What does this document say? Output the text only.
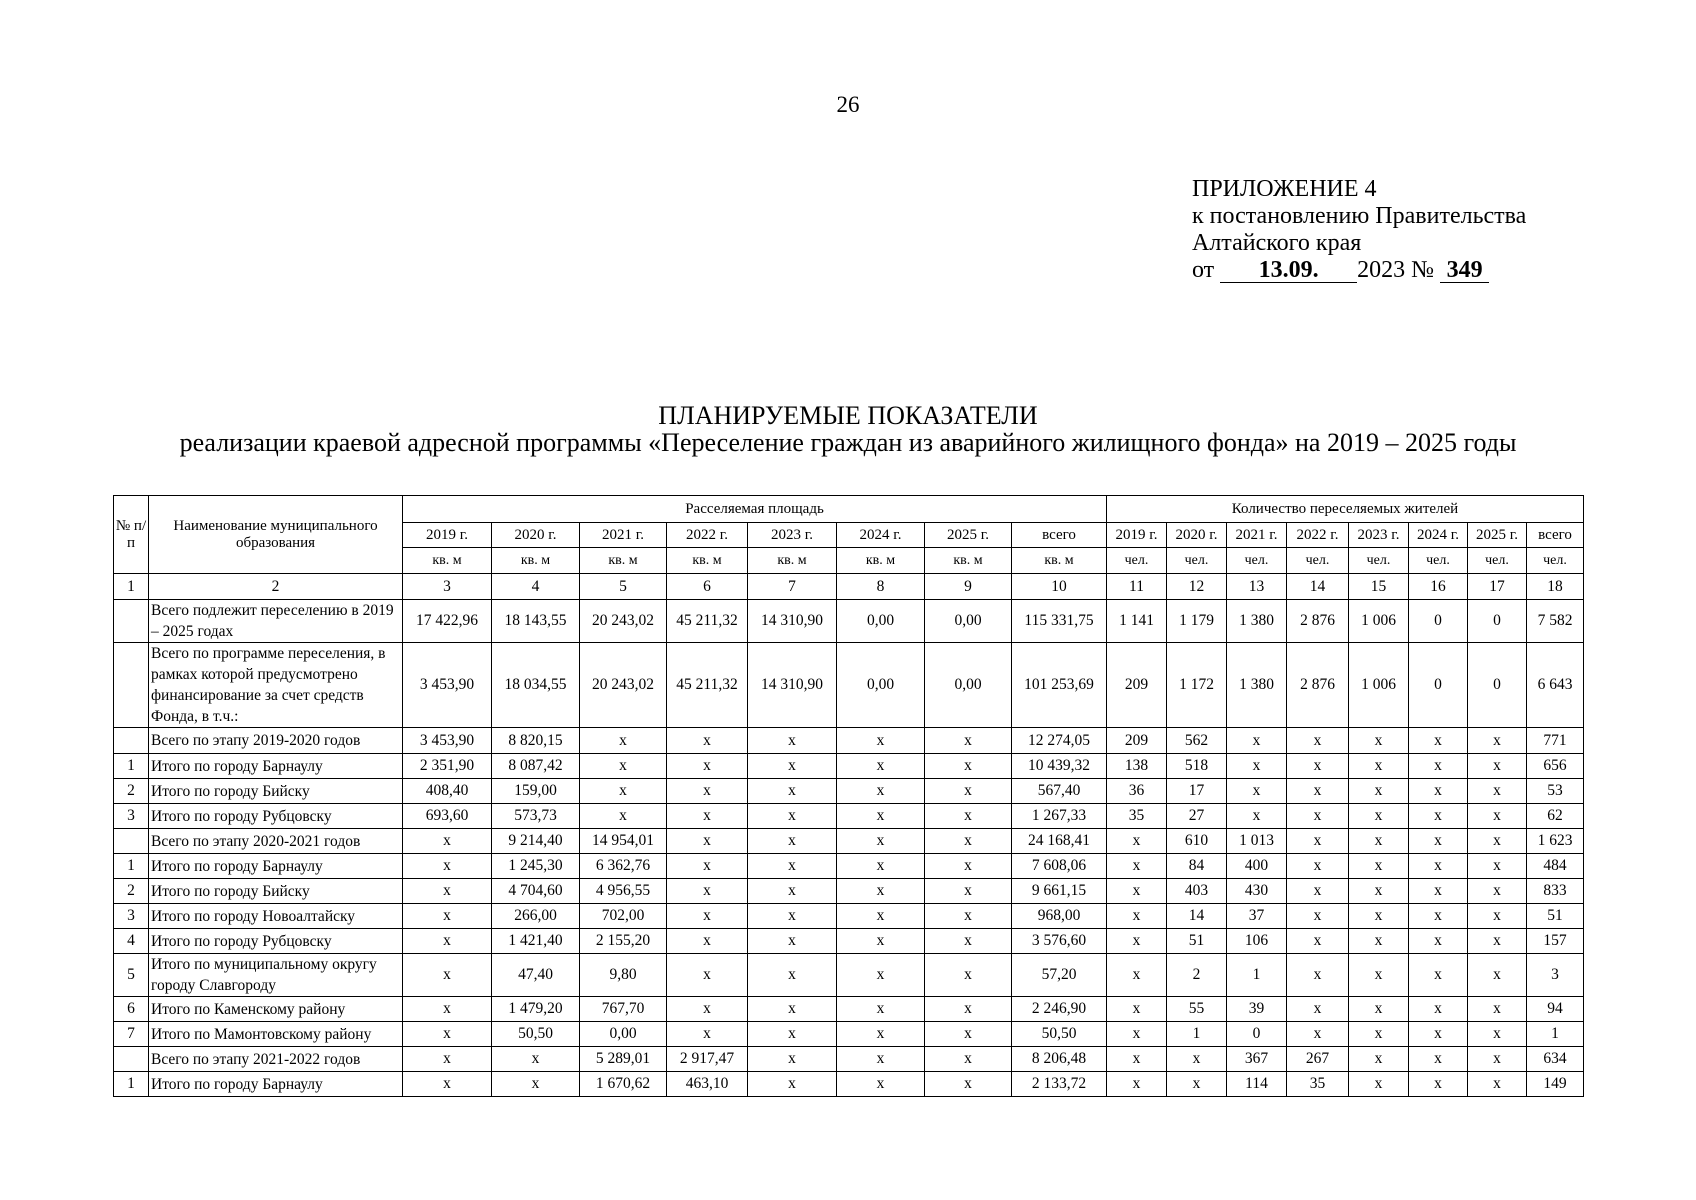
26
ПРИЛОЖЕНИЕ 4
к постановлению Правительства
Алтайского края
от 13.09. 2023 № 349
ПЛАНИРУЕМЫЕ ПОКАЗАТЕЛИ
реализации краевой адресной программы «Переселение граждан из аварийного жилищного фонда» на 2019 – 2025 годы
№ п/п	Наименование муниципального образования	Расселяемая площадь								Количество переселяемых жителей							
		2019 г.	2020 г.	2021 г.	2022 г.	2023 г.	2024 г.	2025 г.	всего	2019 г.	2020 г.	2021 г.	2022 г.	2023 г.	2024 г.	2025 г.	всего
		кв. м	кв. м	кв. м	кв. м	кв. м	кв. м	кв. м	кв. м	чел.	чел.	чел.	чел.	чел.	чел.	чел.	чел.
1	2	3	4	5	6	7	8	9	10	11	12	13	14	15	16	17	18
	Всего подлежит переселению в 2019 – 2025 годах	17 422,96	18 143,55	20 243,02	45 211,32	14 310,90	0,00	0,00	115 331,75	1 141	1 179	1 380	2 876	1 006	0	0	7 582
	Всего по программе переселения, в рамках которой предусмотрено финансирование за счет средств Фонда, в т.ч.:	3 453,90	18 034,55	20 243,02	45 211,32	14 310,90	0,00	0,00	101 253,69	209	1 172	1 380	2 876	1 006	0	0	6 643
	Всего по этапу 2019-2020 годов	3 453,90	8 820,15	x	x	x	x	x	12 274,05	209	562	x	x	x	x	x	771
1	Итого по городу Барнаулу	2 351,90	8 087,42	x	x	x	x	x	10 439,32	138	518	x	x	x	x	x	656
2	Итого по городу Бийску	408,40	159,00	x	x	x	x	x	567,40	36	17	x	x	x	x	x	53
3	Итого по городу Рубцовску	693,60	573,73	x	x	x	x	x	1 267,33	35	27	x	x	x	x	x	62
	Всего по этапу 2020-2021 годов	x	9 214,40	14 954,01	x	x	x	x	24 168,41	x	610	1 013	x	x	x	x	1 623
1	Итого по городу Барнаулу	x	1 245,30	6 362,76	x	x	x	x	7 608,06	x	84	400	x	x	x	x	484
2	Итого по городу Бийску	x	4 704,60	4 956,55	x	x	x	x	9 661,15	x	403	430	x	x	x	x	833
3	Итого по городу Новоалтайску	x	266,00	702,00	x	x	x	x	968,00	x	14	37	x	x	x	x	51
4	Итого по городу Рубцовску	x	1 421,40	2 155,20	x	x	x	x	3 576,60	x	51	106	x	x	x	x	157
5	Итого по муниципальному округу городу Славгороду	x	47,40	9,80	x	x	x	x	57,20	x	2	1	x	x	x	x	3
6	Итого по Каменскому району	x	1 479,20	767,70	x	x	x	x	2 246,90	x	55	39	x	x	x	x	94
7	Итого по Мамонтовскому району	x	50,50	0,00	x	x	x	x	50,50	x	1	0	x	x	x	x	1
	Всего по этапу 2021-2022 годов	x	x	5 289,01	2 917,47	x	x	x	8 206,48	x	x	367	267	x	x	x	634
1	Итого по городу Барнаулу	x	x	1 670,62	463,10	x	x	x	2 133,72	x	x	114	35	x	x	x	149
